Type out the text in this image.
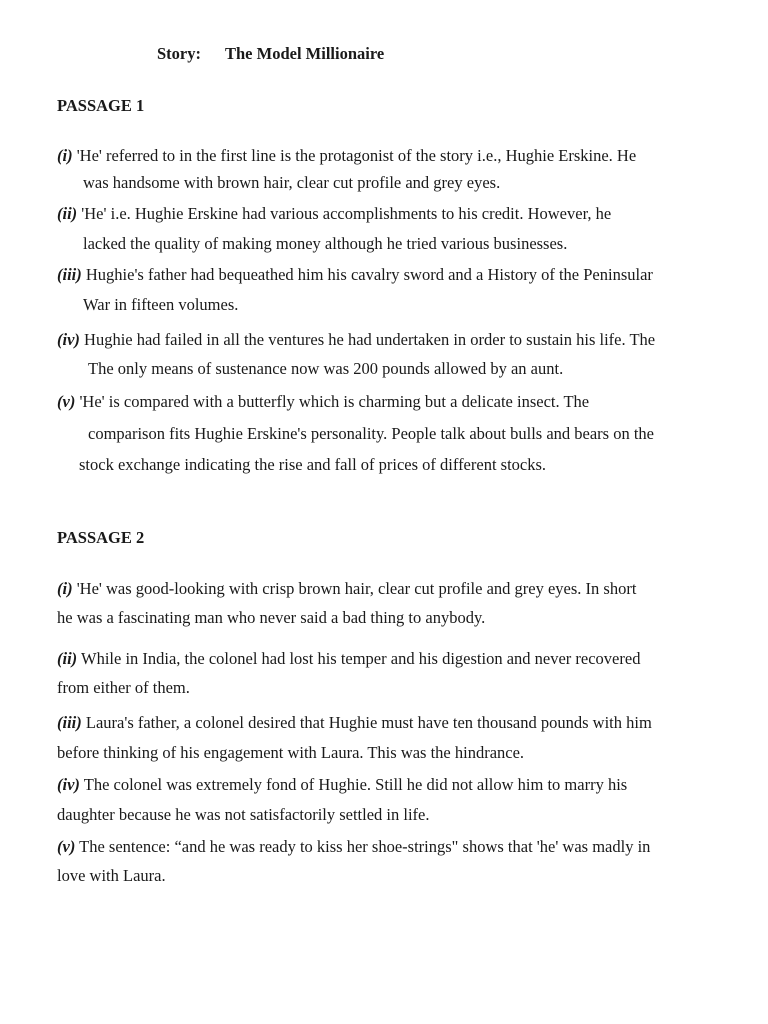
Story: The Model Millionaire
PASSAGE 1
(i) 'He' referred to in the first line is the protagonist of the story i.e., Hughie Erskine. He
was handsome with brown hair, clear cut profile and grey eyes.
(ii) 'He' i.e. Hughie Erskine had various accomplishments to his credit. However, he
lacked the quality of making money although he tried various businesses.
(iii) Hughie's father had bequeathed him his cavalry sword and a History of the Peninsular
War in fifteen volumes.
(iv) Hughie had failed in all the ventures he had undertaken in order to sustain his life. The
The only means of sustenance now was 200 pounds allowed by an aunt.
(v) 'He' is compared with a butterfly which is charming but a delicate insect. The
comparison fits Hughie Erskine's personality. People talk about bulls and bears on the
stock exchange indicating the rise and fall of prices of different stocks.
PASSAGE 2
(i) 'He' was good-looking with crisp brown hair, clear cut profile and grey eyes. In short
he was a fascinating man who never said a bad thing to anybody.
(ii) While in India, the colonel had lost his temper and his digestion and never recovered
from either of them.
(iii) Laura's father, a colonel desired that Hughie must have ten thousand pounds with him
before thinking of his engagement with Laura. This was the hindrance.
(iv) The colonel was extremely fond of Hughie. Still he did not allow him to marry his
daughter because he was not satisfactorily settled in life.
(v) The sentence: “and he was ready to kiss her shoe-strings" shows that 'he' was madly in
love with Laura.
